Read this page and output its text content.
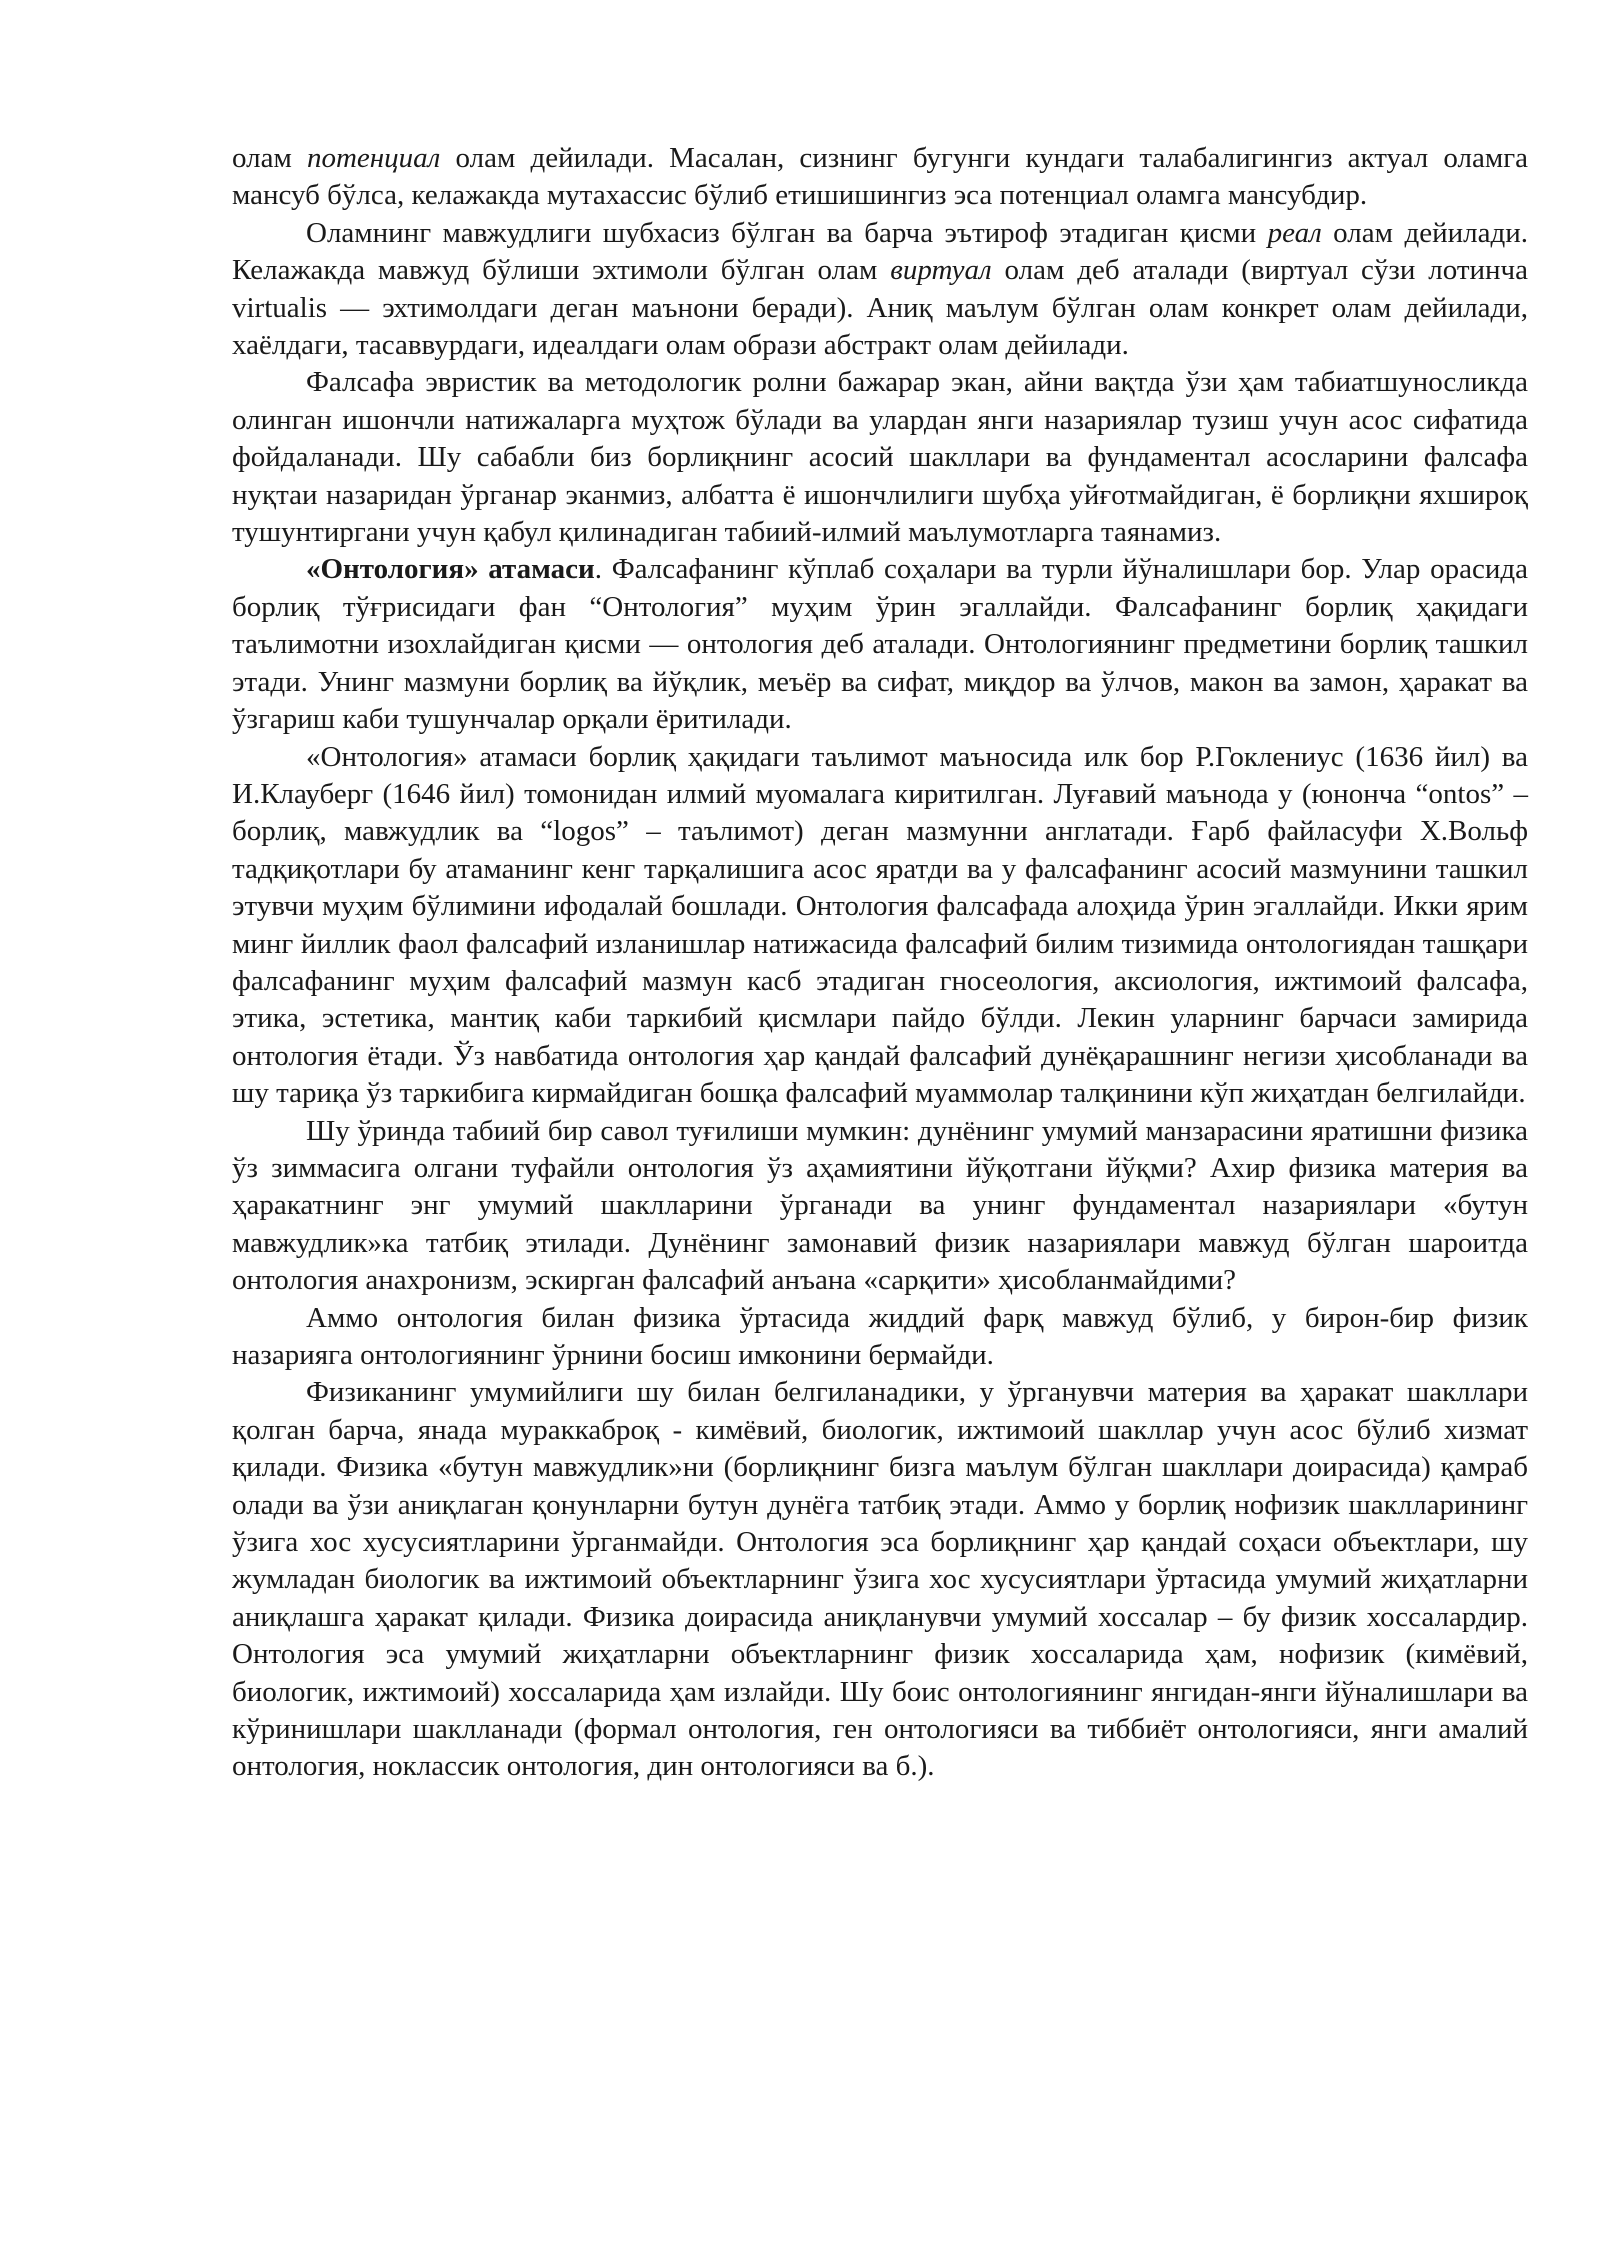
олам потенциал олам дейилади. Масалан, сизнинг бугунги кундаги талабалигингиз актуал оламга мансуб бўлса, келажакда мутахассис бўлиб етишишингиз эса потенциал оламга мансубдир.

Оламнинг мавжудлиги шубхасиз бўлган ва барча эътироф этадиган қисми реал олам дейилади. Келажакда мавжуд бўлиши эхтимоли бўлган олам виртуал олам деб аталади (виртуал сўзи лотинча virtualis — эхтимолдаги деган маънони беради). Аниқ маълум бўлган олам конкрет олам дейилади, хаёлдаги, тасаввурдаги, идеалдаги олам образи абстракт олам дейилади.

Фалсафа эвристик ва методологик ролни бажарар экан, айни вақтда ўзи ҳам табиатшуносликда олинган ишончли натижаларга муҳтож бўлади ва улардан янги назариялар тузиш учун асос сифатида фойдаланади. Шу сабабли биз борлиқнинг асосий шакллари ва фундаментал асосларини фалсафа нуқтаи назаридан ўрганар эканмиз, албатта ё ишончлилиги шубҳа уйғотмайдиган, ё борлиқни яхшироқ тушунтиргани учун қабул қилинадиган табиий-илмий маълумотларга таянамиз.

«Онтология» атамаси. Фалсафанинг кўплаб соҳалари ва турли йўналишлари бор. Улар орасида борлиқ тўғрисидаги фан “Онтология” муҳим ўрин эгаллайди. Фалсафанинг борлиқ ҳақидаги таълимотни изохлайдиган қисми — онтология деб аталади. Онтологиянинг предметини борлиқ ташкил этади. Унинг мазмуни борлиқ ва йўқлик, меъёр ва сифат, миқдор ва ўлчов, макон ва замон, ҳаракат ва ўзгариш каби тушунчалар орқали ёритилади.

«Онтология» атамаси борлиқ ҳақидаги таълимот маъносида илк бор Р.Гоклениус (1636 йил) ва И.Клауберг (1646 йил) томонидан илмий муомалага киритилган. Луғавий маънода у (юнонча “ontos” – борлиқ, мавжудлик ва “logos” – таълимот) деган мазмунни англатади. Ғарб файласуфи Х.Вольф тадқиқотлари бу атаманинг кенг тарқалишига асос яратди ва у фалсафанинг асосий мазмунини ташкил этувчи муҳим бўлимини ифодалай бошлади. Онтология фалсафада алоҳида ўрин эгаллайди. Икки ярим минг йиллик фаол фалсафий изланишлар натижасида фалсафий билим тизимида онтологиядан ташқари фалсафанинг муҳим фалсафий мазмун касб этадиган гносеология, аксиология, ижтимоий фалсафа, этика, эстетика, мантиқ каби таркибий қисмлари пайдо бўлди. Лекин уларнинг барчаси замирида онтология ётади. Ўз навбатида онтология ҳар қандай фалсафий дунёқарашнинг негизи ҳисобланади ва шу тариқа ўз таркибига кирмайдиган бошқа фалсафий муаммолар талқинини кўп жиҳатдан белгилайди.

Шу ўринда табиий бир савол туғилиши мумкин: дунёнинг умумий манзарасини яратишни физика ўз зиммасига олгани туфайли онтология ўз аҳамиятини йўқотгани йўқми? Ахир физика материя ва ҳаракатнинг энг умумий шаклларини ўрганади ва унинг фундаментал назариялари «бутун мавжудлик»ка татбиқ этилади. Дунёнинг замонавий физик назариялари мавжуд бўлган шароитда онтология анахронизм, эскирган фалсафий анъана «сарқити» ҳисобланмайдими?

Аммо онтология билан физика ўртасида жиддий фарқ мавжуд бўлиб, у бирон-бир физик назарияга онтологиянинг ўрнини босиш имконини бермайди.

Физиканинг умумийлиги шу билан белгиланадики, у ўрганувчи материя ва ҳаракат шакллари қолган барча, янада мураккаброқ - кимёвий, биологик, ижтимоий шакллар учун асос бўлиб хизмат қилади. Физика «бутун мавжудлик»ни (борлиқнинг бизга маълум бўлган шакллари доирасида) қамраб олади ва ўзи аниқлаган қонунларни бутун дунёга татбиқ этади. Аммо у борлиқ нофизик шаклларининг ўзига хос хусусиятларини ўрганмайди. Онтология эса борлиқнинг ҳар қандай соҳаси объектлари, шу жумладан биологик ва ижтимоий объектларнинг ўзига хос хусусиятлари ўртасида умумий жиҳатларни аниқлашга ҳаракат қилади. Физика доирасида аниқланувчи умумий хоссалар – бу физик хоссалардир. Онтология эса умумий жиҳатларни объектларнинг физик хоссаларида ҳам, нофизик (кимёвий, биологик, ижтимоий) хоссаларида ҳам излайди. Шу боис онтологиянинг янгидан-янги йўналишлари ва кўринишлари шаклланади (формал онтология, ген онтологияси ва тиббиёт онтологияси, янги амалий онтология, ноклассик онтология, дин онтологияси ва б.).
